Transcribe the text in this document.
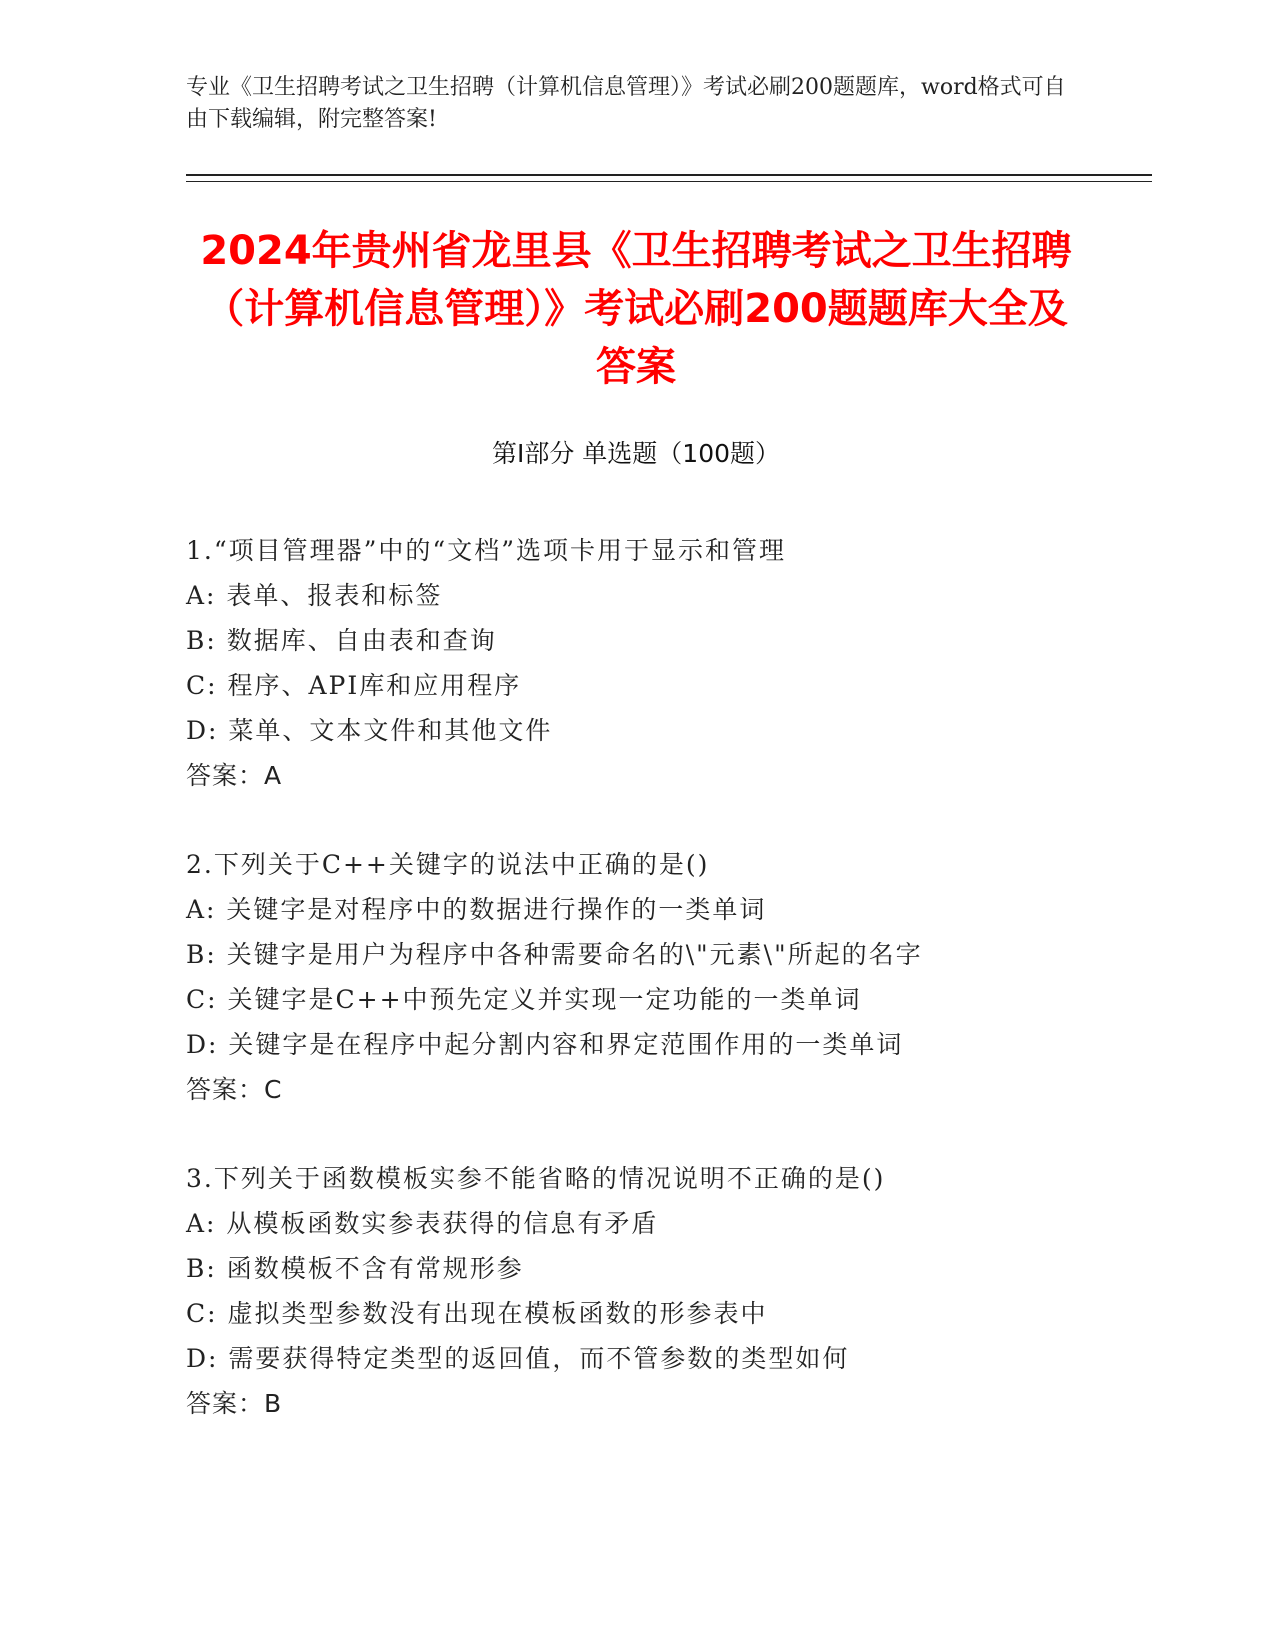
专业《卫生招聘考试之卫生招聘（计算机信息管理）》考试必刷200题题库，word格式可自由下载编辑，附完整答案!
2024年贵州省龙里县《卫生招聘考试之卫生招聘（计算机信息管理）》考试必刷200题题库大全及答案
第Ⅰ部分 单选题（100题）
1.“项目管理器”中的“文档”选项卡用于显示和管理
A: 表单、报表和标签
B: 数据库、自由表和查询
C: 程序、API库和应用程序
D: 菜单、文本文件和其他文件
答案：A
2.下列关于C++关键字的说法中正确的是()
A: 关键字是对程序中的数据进行操作的一类单词
B: 关键字是用户为程序中各种需要命名的\"元素\"所起的名字
C: 关键字是C++中预先定义并实现一定功能的一类单词
D: 关键字是在程序中起分割内容和界定范围作用的一类单词
答案：C
3.下列关于函数模板实参不能省略的情况说明不正确的是()
A: 从模板函数实参表获得的信息有矛盾
B: 函数模板不含有常规形参
C: 虚拟类型参数没有出现在模板函数的形参表中
D: 需要获得特定类型的返回值，而不管参数的类型如何
答案：B
